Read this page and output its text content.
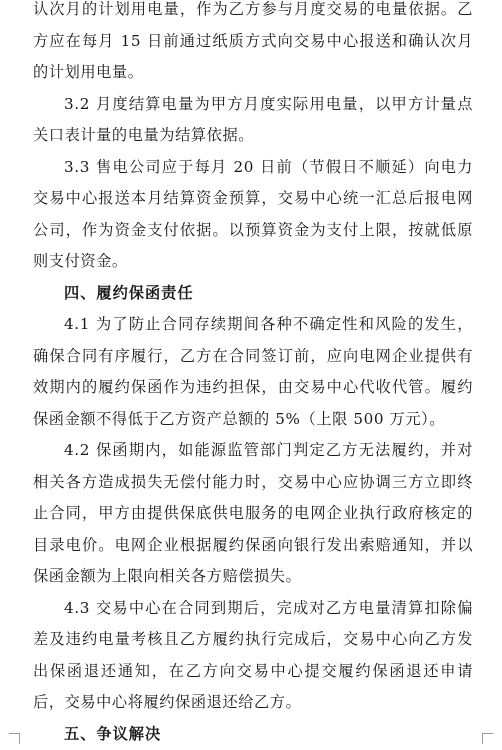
认次月的计划用电量，作为乙方参与月度交易的电量依据。乙方应在每月 15 日前通过纸质方式向交易中心报送和确认次月的计划用电量。

3.2 月度结算电量为甲方月度实际用电量，以甲方计量点关口表计量的电量为结算依据。

3.3 售电公司应于每月 20 日前（节假日不顺延）向电力交易中心报送本月结算资金预算，交易中心统一汇总后报电网公司，作为资金支付依据。以预算资金为支付上限，按就低原则支付资金。

四、履约保函责任

4.1 为了防止合同存续期间各种不确定性和风险的发生，确保合同有序履行，乙方在合同签订前，应向电网企业提供有效期内的履约保函作为违约担保，由交易中心代收代管。履约保函金额不得低于乙方资产总额的 5%（上限 500 万元）。

4.2 保函期内，如能源监管部门判定乙方无法履约，并对相关各方造成损失无偿付能力时，交易中心应协调三方立即终止合同，甲方由提供保底供电服务的电网企业执行政府核定的目录电价。电网企业根据履约保函向银行发出索赔通知，并以保函金额为上限向相关各方赔偿损失。

4.3 交易中心在合同到期后，完成对乙方电量清算扣除偏差及违约电量考核且乙方履约执行完成后，交易中心向乙方发出保函退还通知，在乙方向交易中心提交履约保函退还申请后，交易中心将履约保函退还给乙方。

五、争议解决
